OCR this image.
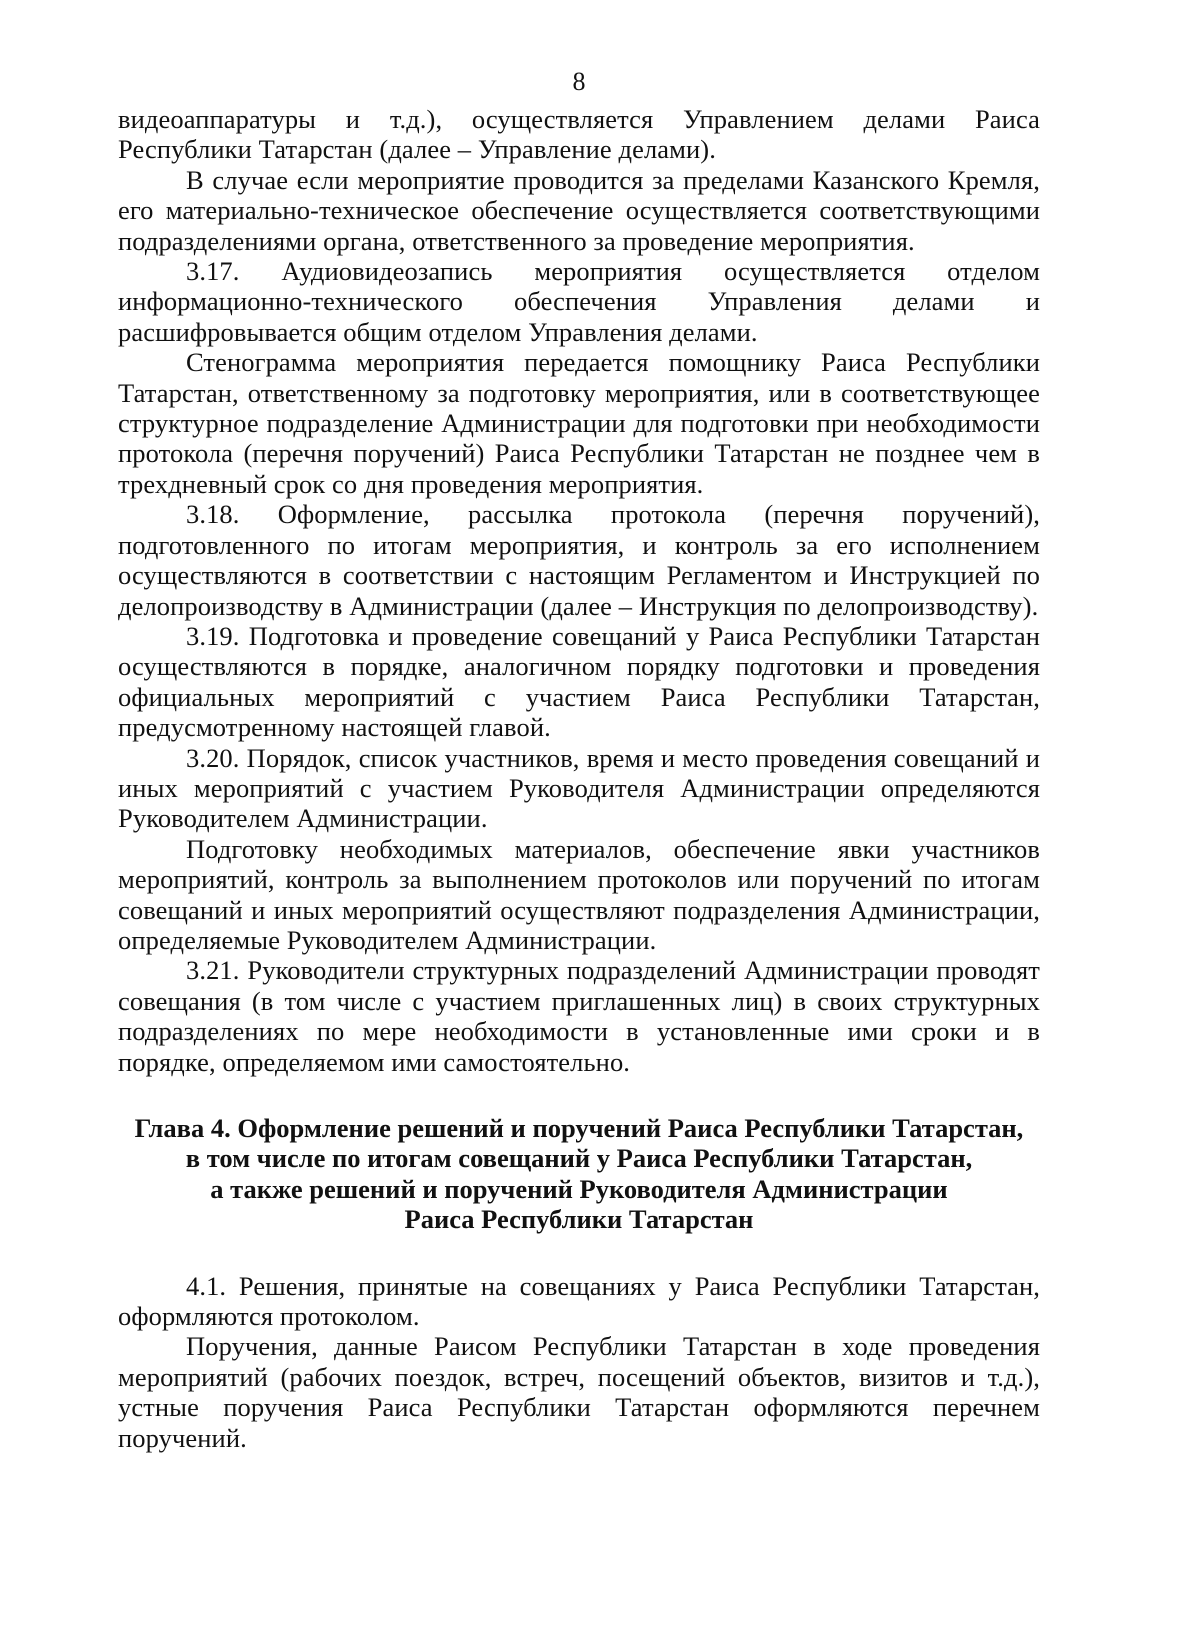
8

видеоаппаратуры и т.д.), осуществляется Управлением делами Раиса Республики Татарстан (далее – Управление делами).

В случае если мероприятие проводится за пределами Казанского Кремля, его материально-техническое обеспечение осуществляется соответствующими подразделениями органа, ответственного за проведение мероприятия.

3.17. Аудиовидеозапись мероприятия осуществляется отделом информационно-технического обеспечения Управления делами и расшифровывается общим отделом Управления делами.

Стенограмма мероприятия передается помощнику Раиса Республики Татарстан, ответственному за подготовку мероприятия, или в соответствующее структурное подразделение Администрации для подготовки при необходимости протокола (перечня поручений) Раиса Республики Татарстан не позднее чем в трехдневный срок со дня проведения мероприятия.

3.18. Оформление, рассылка протокола (перечня поручений), подготовленного по итогам мероприятия, и контроль за его исполнением осуществляются в соответствии с настоящим Регламентом и Инструкцией по делопроизводству в Администрации (далее – Инструкция по делопроизводству).

3.19. Подготовка и проведение совещаний у Раиса Республики Татарстан осуществляются в порядке, аналогичном порядку подготовки и проведения официальных мероприятий с участием Раиса Республики Татарстан, предусмотренному настоящей главой.

3.20. Порядок, список участников, время и место проведения совещаний и иных мероприятий с участием Руководителя Администрации определяются Руководителем Администрации.

Подготовку необходимых материалов, обеспечение явки участников мероприятий, контроль за выполнением протоколов или поручений по итогам совещаний и иных мероприятий осуществляют подразделения Администрации, определяемые Руководителем Администрации.

3.21. Руководители структурных подразделений Администрации проводят совещания (в том числе с участием приглашенных лиц) в своих структурных подразделениях по мере необходимости в установленные ими сроки и в порядке, определяемом ими самостоятельно.

Глава 4. Оформление решений и поручений Раиса Республики Татарстан,
в том числе по итогам совещаний у Раиса Республики Татарстан,
а также решений и поручений Руководителя Администрации
Раиса Республики Татарстан

4.1. Решения, принятые на совещаниях у Раиса Республики Татарстан, оформляются протоколом.

Поручения, данные Раисом Республики Татарстан в ходе проведения мероприятий (рабочих поездок, встреч, посещений объектов, визитов и т.д.), устные поручения Раиса Республики Татарстан оформляются перечнем поручений.
